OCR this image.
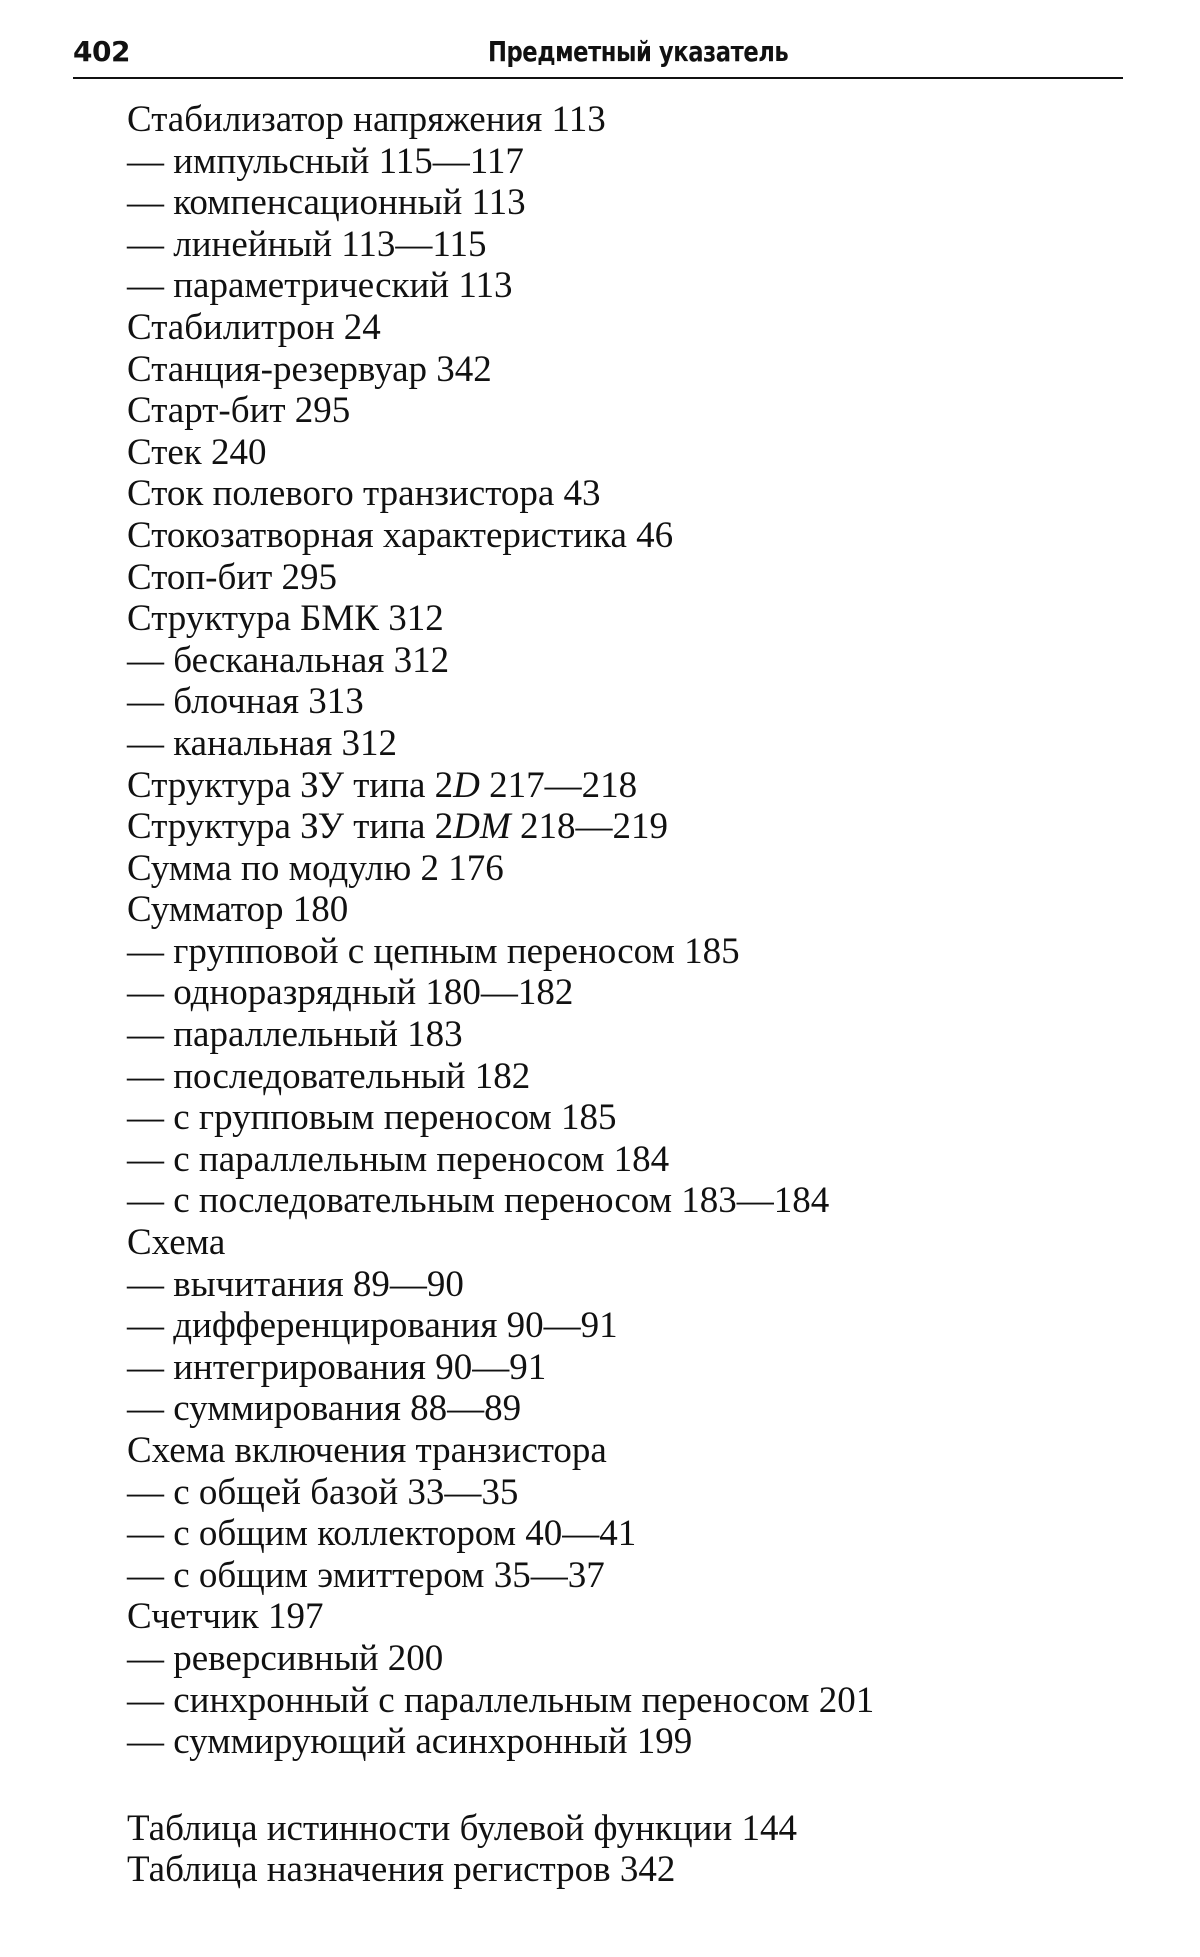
402	Предметный указатель
Стабилизатор напряжения 113
— импульсный 115—117
— компенсационный 113
— линейный 113—115
— параметрический 113
Стабилитрон 24
Станция-резервуар 342
Старт-бит 295
Стек 240
Сток полевого транзистора 43
Стокозатворная характеристика 46
Стоп-бит 295
Структура БМК 312
— бесканальная 312
— блочная 313
— канальная 312
Структура ЗУ типа 2D 217—218
Структура ЗУ типа 2DM 218—219
Сумма по модулю 2 176
Сумматор 180
— групповой с цепным переносом 185
— одноразрядный 180—182
— параллельный 183
— последовательный 182
— с групповым переносом 185
— с параллельным переносом 184
— с последовательным переносом 183—184
Схема
— вычитания 89—90
— дифференцирования 90—91
— интегрирования 90—91
— суммирования 88—89
Схема включения транзистора
— с общей базой 33—35
— с общим коллектором 40—41
— с общим эмиттером 35—37
Счетчик 197
— реверсивный 200
— синхронный с параллельным переносом 201
— суммирующий асинхронный 199
Таблица истинности булевой функции 144
Таблица назначения регистров 342
